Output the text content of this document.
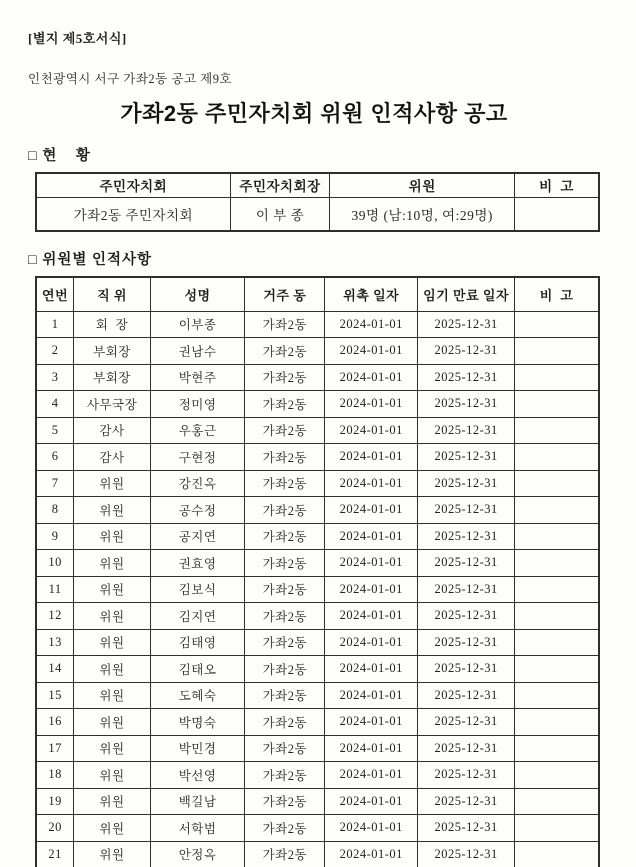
[별지 제5호서식]
인천광역시 서구 가좌2동 공고 제9호
가좌2동 주민자치회 위원 인적사항 공고
□ 현    황
주민자치회	주민자치회장	위원	비  고
가좌2동 주민자치회	이 부 종	39명 (남:10명, 여:29명)	
□ 위원별 인적사항
연번	직 위	성명	거주 동	위촉 일자	임기 만료 일자	비  고
1	회  장	이부종	가좌2동	2024-01-01	2025-12-31	
2	부회장	권남수	가좌2동	2024-01-01	2025-12-31	
3	부회장	박현주	가좌2동	2024-01-01	2025-12-31	
4	사무국장	정미영	가좌2동	2024-01-01	2025-12-31	
5	감사	우홍근	가좌2동	2024-01-01	2025-12-31	
6	감사	구현정	가좌2동	2024-01-01	2025-12-31	
7	위원	강진옥	가좌2동	2024-01-01	2025-12-31	
8	위원	공수정	가좌2동	2024-01-01	2025-12-31	
9	위원	공지연	가좌2동	2024-01-01	2025-12-31	
10	위원	권효영	가좌2동	2024-01-01	2025-12-31	
11	위원	김보식	가좌2동	2024-01-01	2025-12-31	
12	위원	김지연	가좌2동	2024-01-01	2025-12-31	
13	위원	김태영	가좌2동	2024-01-01	2025-12-31	
14	위원	김태오	가좌2동	2024-01-01	2025-12-31	
15	위원	도혜숙	가좌2동	2024-01-01	2025-12-31	
16	위원	박명숙	가좌2동	2024-01-01	2025-12-31	
17	위원	박민경	가좌2동	2024-01-01	2025-12-31	
18	위원	박선영	가좌2동	2024-01-01	2025-12-31	
19	위원	백길남	가좌2동	2024-01-01	2025-12-31	
20	위원	서학범	가좌2동	2024-01-01	2025-12-31	
21	위원	안정옥	가좌2동	2024-01-01	2025-12-31	
